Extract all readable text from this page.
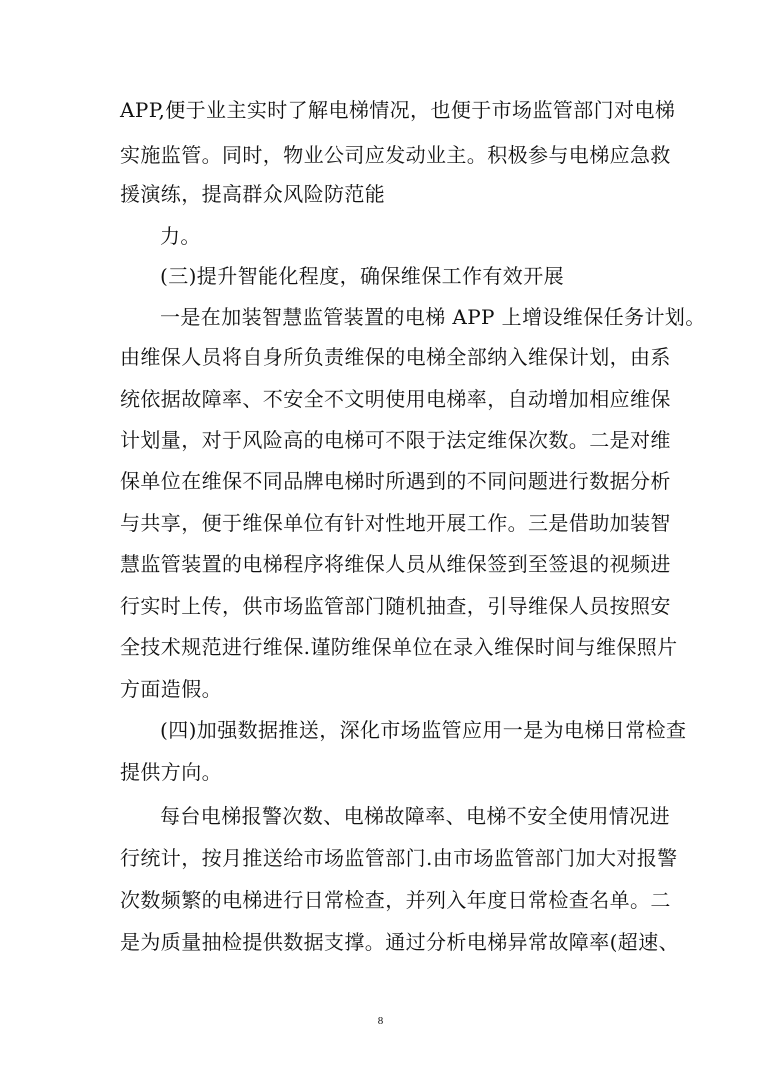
APP,便于业主实时了解电梯情况，也便于市场监管部门对电梯
实施监管。同时，物业公司应发动业主。积极参与电梯应急救
援演练，提高群众风险防范能
力。
(三)提升智能化程度，确保维保工作有效开展
一是在加装智慧监管装置的电梯 APP 上增设维保任务计划。
由维保人员将自身所负责维保的电梯全部纳入维保计划，由系
统依据故障率、不安全不文明使用电梯率，自动增加相应维保
计划量，对于风险高的电梯可不限于法定维保次数。二是对维
保单位在维保不同品牌电梯时所遇到的不同问题进行数据分析
与共享，便于维保单位有针对性地开展工作。三是借助加装智
慧监管装置的电梯程序将维保人员从维保签到至签退的视频进
行实时上传，供市场监管部门随机抽查，引导维保人员按照安
全技术规范进行维保.谨防维保单位在录入维保时间与维保照片
方面造假。
(四)加强数据推送，深化市场监管应用一是为电梯日常检查
提供方向。
每台电梯报警次数、电梯故障率、电梯不安全使用情况进
行统计，按月推送给市场监管部门.由市场监管部门加大对报警
次数频繁的电梯进行日常检查，并列入年度日常检查名单。二
是为质量抽检提供数据支撑。通过分析电梯异常故障率(超速、
8
